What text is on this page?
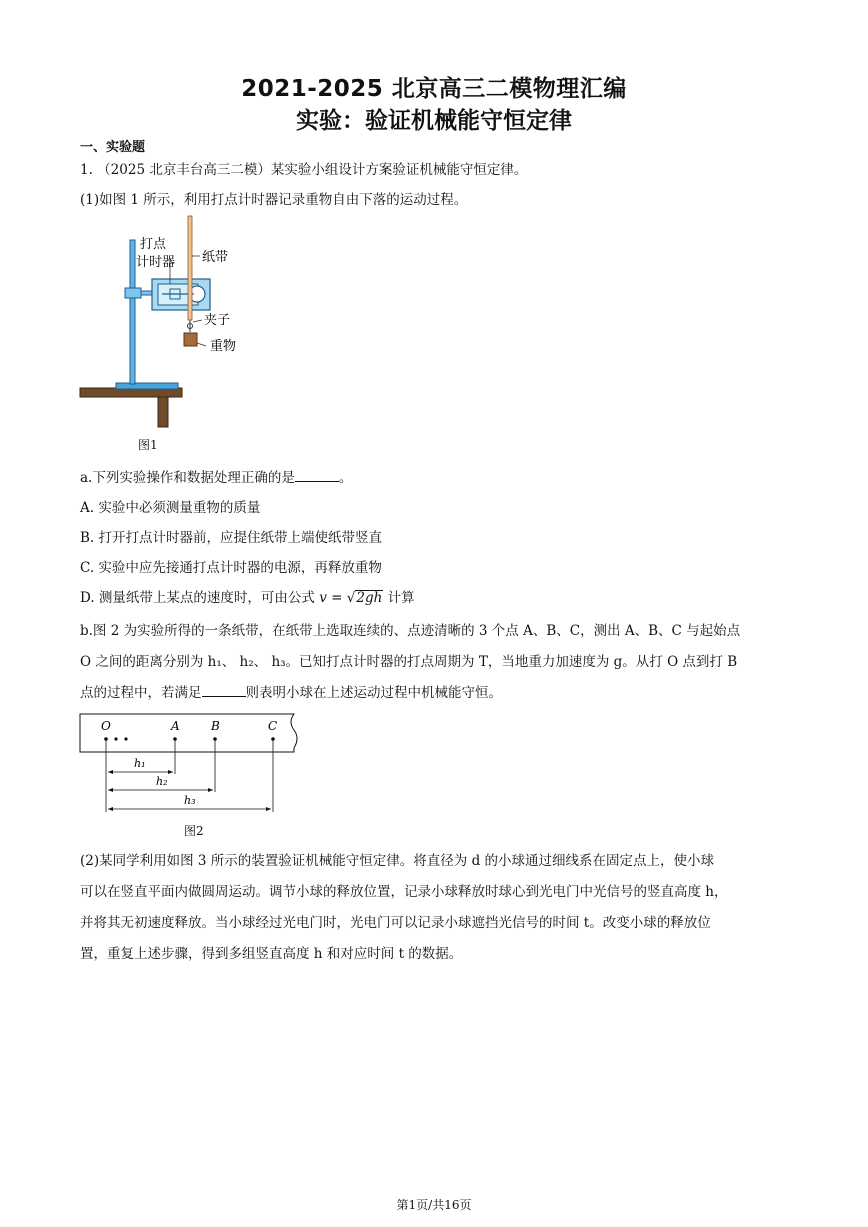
2021-2025 北京高三二模物理汇编
实验：验证机械能守恒定律
一、实验题
1. （2025 北京丰台高三二模）某实验小组设计方案验证机械能守恒定律。
(1)如图 1 所示，利用打点计时器记录重物自由下落的运动过程。
打点
计时器 纸带
夹子
重物
图1
a.下列实验操作和数据处理正确的是	。
A. 实验中必须测量重物的质量
B. 打开打点计时器前，应提住纸带上端使纸带竖直
C. 实验中应先接通打点计时器的电源，再释放重物
D. 测量纸带上某点的速度时，可由公式 v = √2gh 计算
b.图 2 为实验所得的一条纸带，在纸带上选取连续的、点迹清晰的 3 个点 A、B、C，测出 A、B、C 与起始点
O 之间的距离分别为 h₁、 h₂、 h₃。已知打点计时器的打点周期为 T，当地重力加速度为 g。从打 O 点到打 B
点的过程中，若满足	则表明小球在上述运动过程中机械能守恒。
O	A	B	C
h₁
h₂
h₃
图2
(2)某同学利用如图 3 所示的装置验证机械能守恒定律。将直径为 d 的小球通过细线系在固定点上，使小球
可以在竖直平面内做圆周运动。调节小球的释放位置，记录小球释放时球心到光电门中光信号的竖直高度 h，
并将其无初速度释放。当小球经过光电门时，光电门可以记录小球遮挡光信号的时间 t。改变小球的释放位
置，重复上述步骤，得到多组竖直高度 h 和对应时间 t 的数据。
第1页/共16页
